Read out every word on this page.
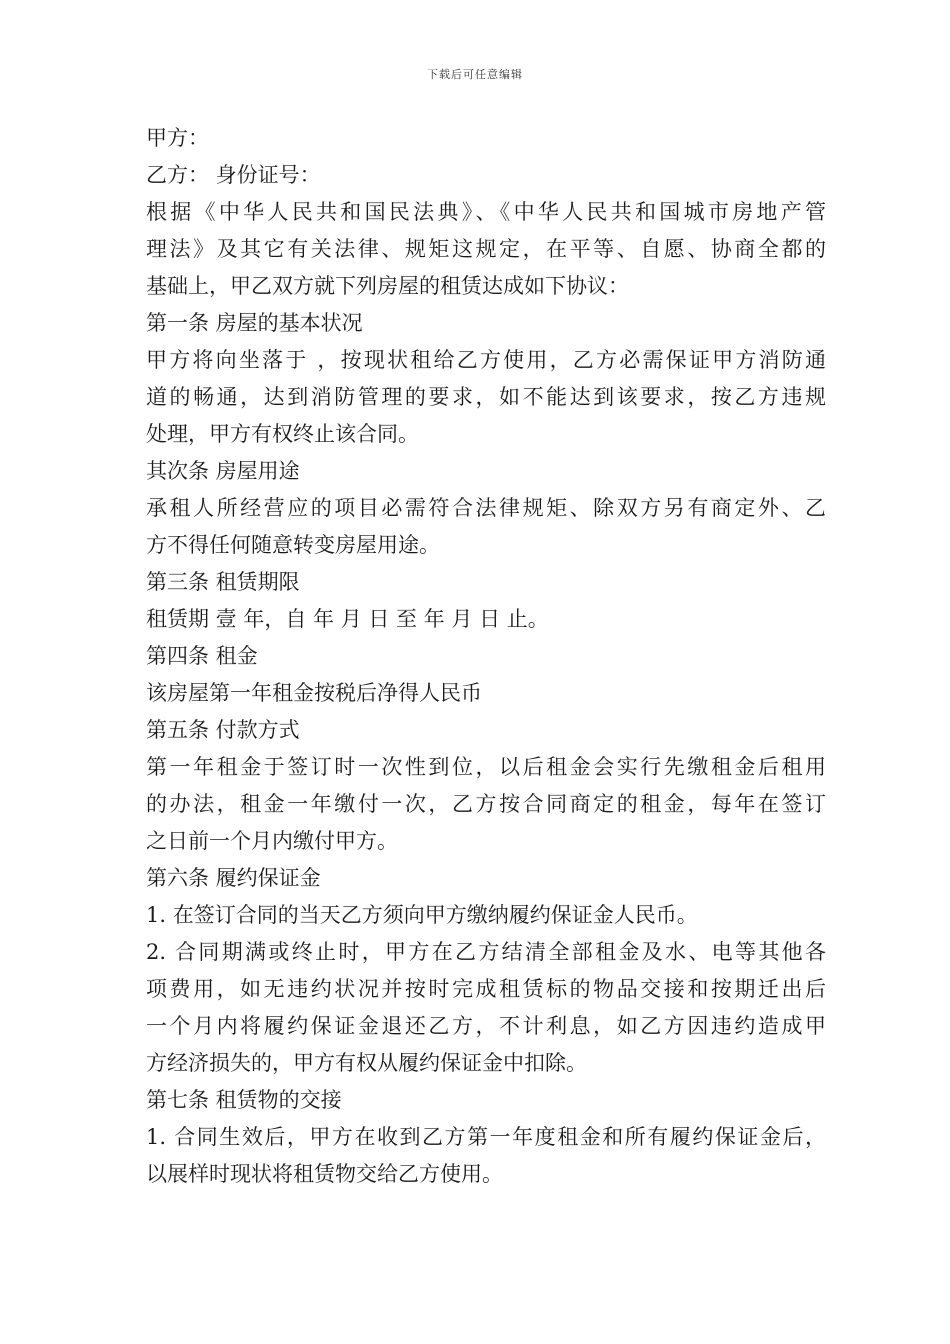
下载后可任意编辑
甲方：
乙方： 身份证号：
根据《中华人民共和国民法典》、《中华人民共和国城市房地产管
理法》及其它有关法律、规矩这规定，在平等、自愿、协商全都的
基础上，甲乙双方就下列房屋的租赁达成如下协议：
第一条 房屋的基本状况
甲方将向坐落于 ，按现状租给乙方使用，乙方必需保证甲方消防通
道的畅通，达到消防管理的要求，如不能达到该要求，按乙方违规
处理，甲方有权终止该合同。
其次条 房屋用途
承租人所经营应的项目必需符合法律规矩、除双方另有商定外、乙
方不得任何随意转变房屋用途。
第三条 租赁期限
租赁期 壹 年，自 年 月 日 至 年 月 日 止。
第四条 租金
该房屋第一年租金按税后净得人民币
第五条 付款方式
第一年租金于签订时一次性到位，以后租金会实行先缴租金后租用
的办法，租金一年缴付一次，乙方按合同商定的租金，每年在签订
之日前一个月内缴付甲方。
第六条 履约保证金
1. 在签订合同的当天乙方须向甲方缴纳履约保证金人民币。
2. 合同期满或终止时，甲方在乙方结清全部租金及水、电等其他各
项费用，如无违约状况并按时完成租赁标的物品交接和按期迁出后
一个月内将履约保证金退还乙方，不计利息，如乙方因违约造成甲
方经济损失的，甲方有权从履约保证金中扣除。
第七条 租赁物的交接
1. 合同生效后，甲方在收到乙方第一年度租金和所有履约保证金后，
以展样时现状将租赁物交给乙方使用。
